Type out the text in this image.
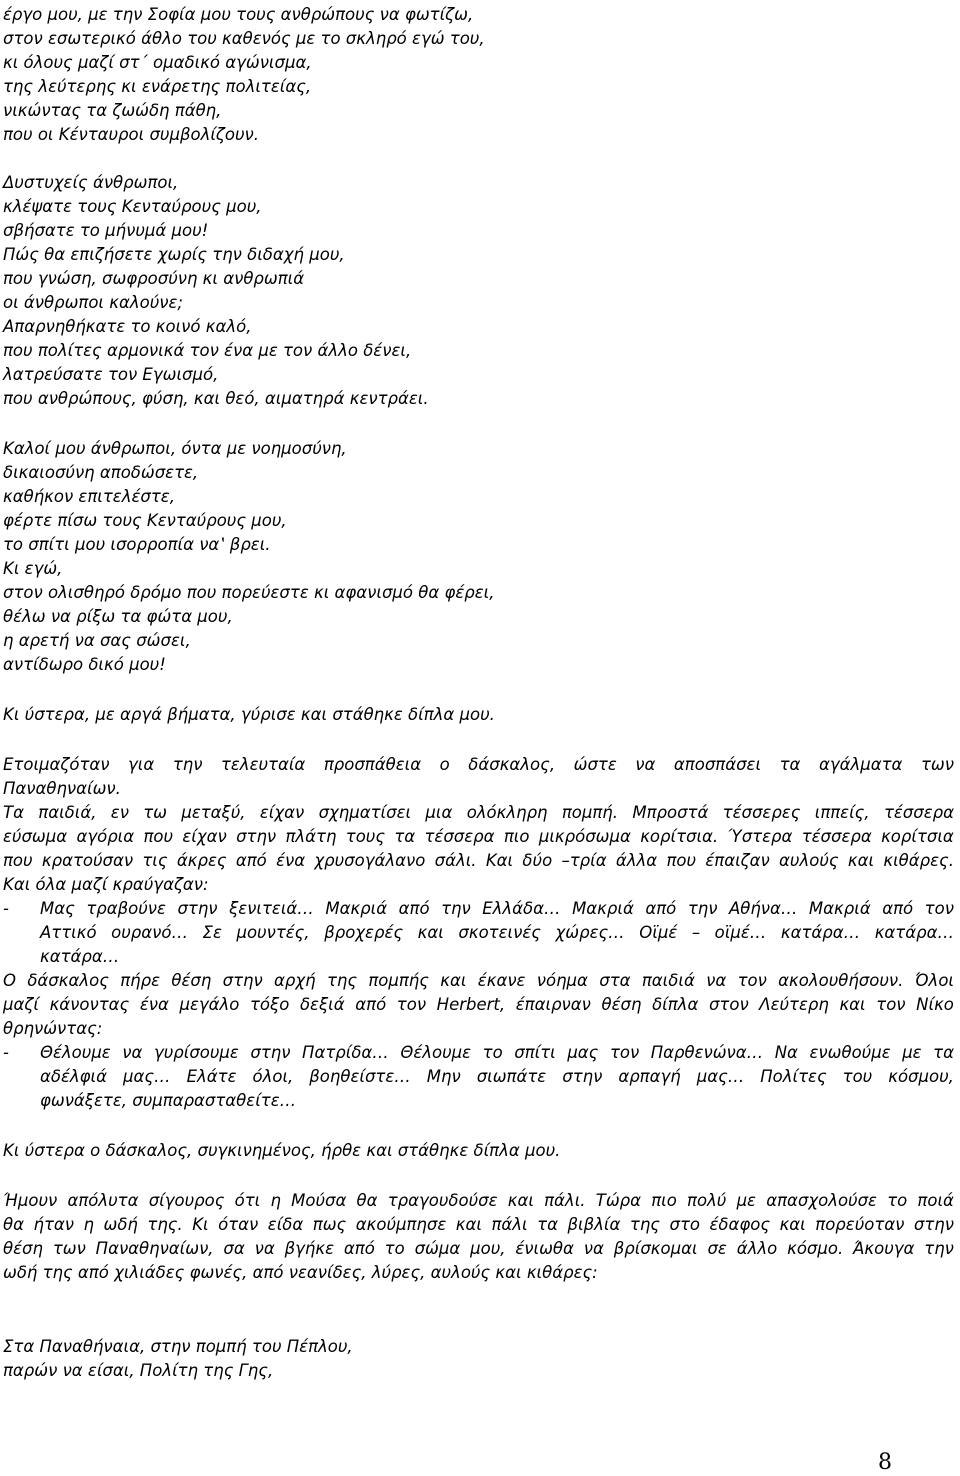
έργο μου, με την Σοφία μου τους ανθρώπους να φωτίζω,
στον εσωτερικό άθλο του καθενός με το σκληρό εγώ του,
κι όλους μαζί στ΄ ομαδικό αγώνισμα,
της λεύτερης κι ενάρετης πολιτείας,
νικώντας τα ζωώδη πάθη,
που οι Κένταυροι συμβολίζουν.
Δυστυχείς άνθρωποι,
κλέψατε τους Κενταύρους μου,
σβήσατε το μήνυμά μου!
Πώς θα επιζήσετε χωρίς την διδαχή μου,
που γνώση, σωφροσύνη κι ανθρωπιά
οι άνθρωποι καλούνε;
Απαρνηθήκατε το κοινό καλό,
που πολίτες αρμονικά τον ένα με τον άλλο δένει,
λατρεύσατε τον Εγωισμό,
που ανθρώπους, φύση, και θεό, αιματηρά κεντράει.
Καλοί μου άνθρωποι, όντα με νοημοσύνη,
δικαιοσύνη αποδώσετε,
καθήκον επιτελέστε,
φέρτε πίσω τους Κενταύρους μου,
το σπίτι μου ισορροπία να‛ βρει.
Κι εγώ,
στον ολισθηρό δρόμο που πορεύεστε κι αφανισμό θα φέρει,
θέλω να ρίξω τα φώτα μου,
η αρετή να σας σώσει,
αντίδωρο δικό μου!
Κι ύστερα, με αργά βήματα, γύρισε και στάθηκε δίπλα μου.
Ετοιμαζόταν για την τελευταία προσπάθεια ο δάσκαλος, ώστε να αποσπάσει τα αγάλματα των
Παναθηναίων.
Τα παιδιά, εν τω μεταξύ, είχαν σχηματίσει μια ολόκληρη πομπή. Μπροστά τέσσερες ιππείς, τέσσερα
εύσωμα αγόρια που είχαν στην πλάτη τους τα τέσσερα πιο μικρόσωμα κορίτσια. Ύστερα τέσσερα κορίτσια
που κρατούσαν τις άκρες από ένα χρυσογάλανο σάλι. Και δύο –τρία άλλα που έπαιζαν αυλούς και κιθάρες.
Και όλα μαζί κραύγαζαν:
- Μας τραβούνε στην ξενιτειά… Μακριά από την Ελλάδα… Μακριά από την Αθήνα… Μακριά από τον
Αττικό ουρανό… Σε μουντές, βροχερές και σκοτεινές χώρες… Οϊμέ – οϊμέ… κατάρα… κατάρα…
κατάρα…
Ο δάσκαλος πήρε θέση στην αρχή της πομπής και έκανε νόημα στα παιδιά να τον ακολουθήσουν. Όλοι
μαζί κάνοντας ένα μεγάλο τόξο δεξιά από τον Herbert, έπαιρναν θέση δίπλα στον Λεύτερη και τον Νίκο
θρηνώντας:
- Θέλουμε να γυρίσουμε στην Πατρίδα… Θέλουμε το σπίτι μας τον Παρθενώνα… Να ενωθούμε με τα
αδέλφιά μας… Ελάτε όλοι, βοηθείστε… Μην σιωπάτε στην αρπαγή μας… Πολίτες του κόσμου,
φωνάξετε, συμπαρασταθείτε…
Κι ύστερα ο δάσκαλος, συγκινημένος, ήρθε και στάθηκε δίπλα μου.
Ήμουν απόλυτα σίγουρος ότι η Μούσα θα τραγουδούσε και πάλι. Τώρα πιο πολύ με απασχολούσε το ποιά
θα ήταν η ωδή της. Κι όταν είδα πως ακούμπησε και πάλι τα βιβλία της στο έδαφος και πορεύοταν στην
θέση των Παναθηναίων, σα να βγήκε από το σώμα μου, ένιωθα να βρίσκομαι σε άλλο κόσμο. Άκουγα την
ωδή της από χιλιάδες φωνές, από νεανίδες, λύρες, αυλούς και κιθάρες:
Στα Παναθήναια, στην πομπή του Πέπλου,
παρών να είσαι, Πολίτη της Γης,
8
